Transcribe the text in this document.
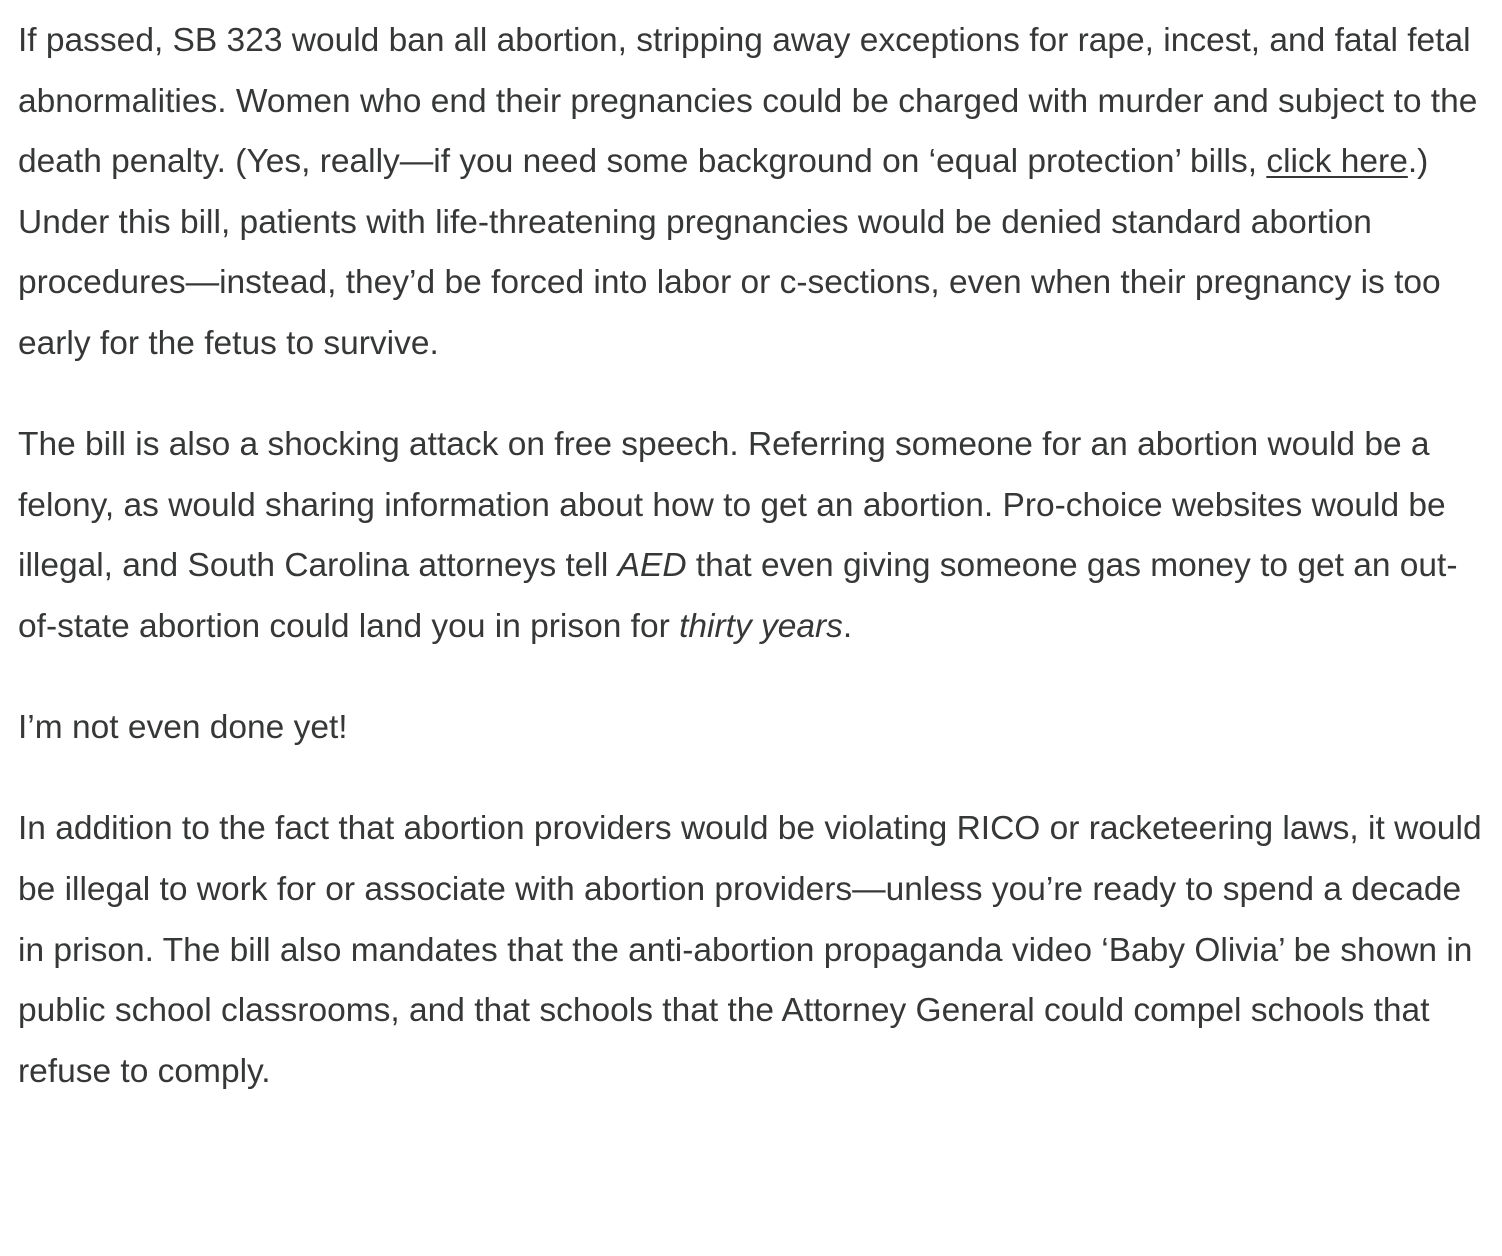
If passed, SB 323 would ban all abortion, stripping away exceptions for rape, incest, and fatal fetal abnormalities. Women who end their pregnancies could be charged with murder and subject to the death penalty. (Yes, really—if you need some background on ‘equal protection’ bills, click here.) Under this bill, patients with life-threatening pregnancies would be denied standard abortion procedures—instead, they’d be forced into labor or c-sections, even when their pregnancy is too early for the fetus to survive.

The bill is also a shocking attack on free speech. Referring someone for an abortion would be a felony, as would sharing information about how to get an abortion. Pro-choice websites would be illegal, and South Carolina attorneys tell AED that even giving someone gas money to get an out-of-state abortion could land you in prison for thirty years.

I’m not even done yet!

In addition to the fact that abortion providers would be violating RICO or racketeering laws, it would be illegal to work for or associate with abortion providers—unless you’re ready to spend a decade in prison. The bill also mandates that the anti-abortion propaganda video ‘Baby Olivia’ be shown in public school classrooms, and that schools that the Attorney General could compel schools that refuse to comply.
